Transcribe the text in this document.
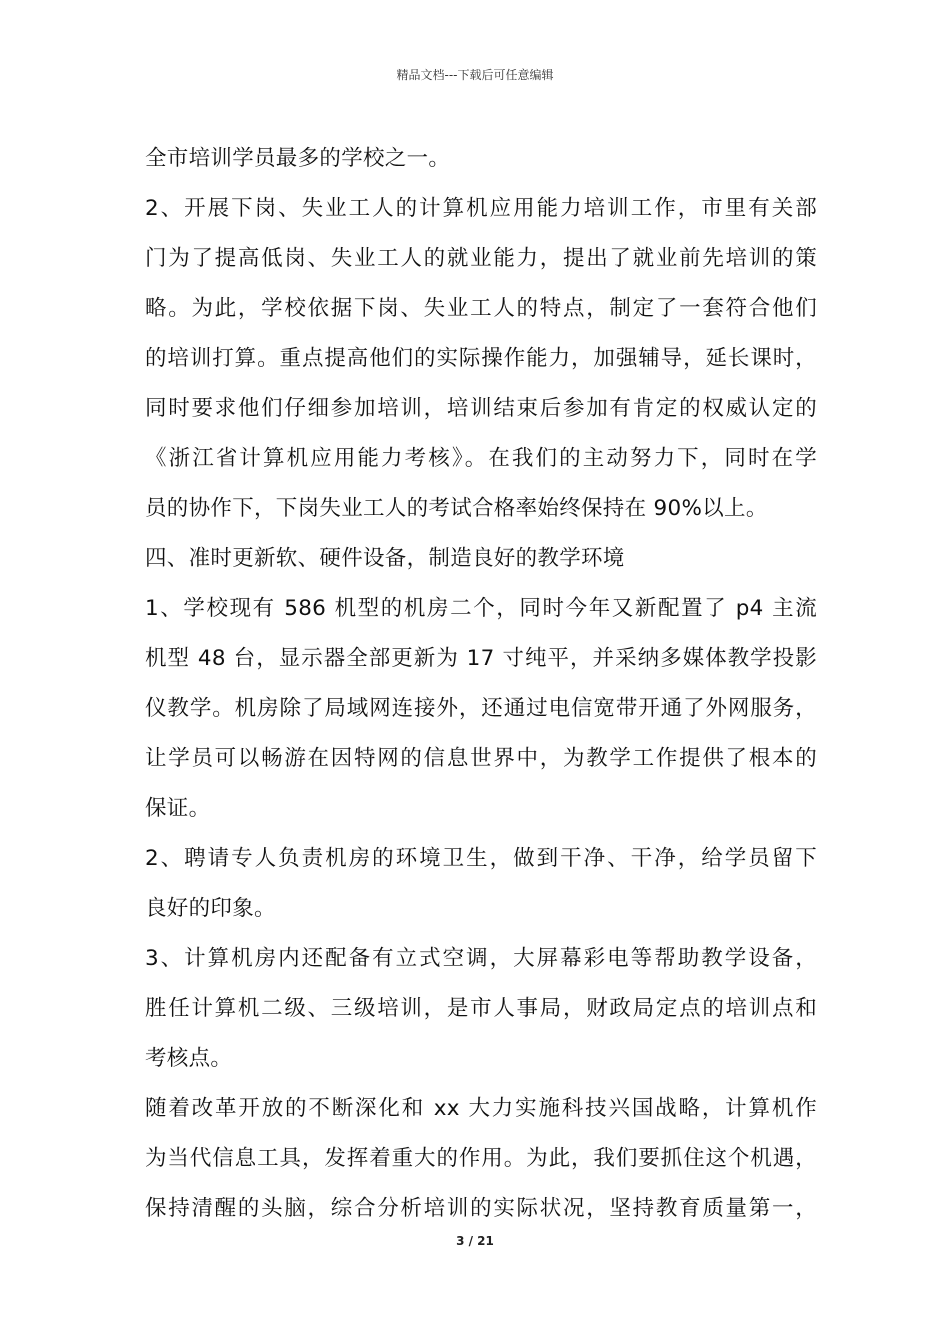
精品文档---下载后可任意编辑
全市培训学员最多的学校之一。
2、开展下岗、失业工人的计算机应用能力培训工作，市里有关部
门为了提高低岗、失业工人的就业能力，提出了就业前先培训的策
略。为此，学校依据下岗、失业工人的特点，制定了一套符合他们
的培训打算。重点提高他们的实际操作能力，加强辅导，延长课时，
同时要求他们仔细参加培训，培训结束后参加有肯定的权威认定的
《浙江省计算机应用能力考核》。在我们的主动努力下，同时在学
员的协作下，下岗失业工人的考试合格率始终保持在 90%以上。
四、准时更新软、硬件设备，制造良好的教学环境
1、学校现有 586 机型的机房二个，同时今年又新配置了 p4 主流
机型 48 台，显示器全部更新为 17 寸纯平，并采纳多媒体教学投影
仪教学。机房除了局域网连接外，还通过电信宽带开通了外网服务，
让学员可以畅游在因特网的信息世界中，为教学工作提供了根本的
保证。
2、聘请专人负责机房的环境卫生，做到干净、干净，给学员留下
良好的印象。
3、计算机房内还配备有立式空调，大屏幕彩电等帮助教学设备，
胜任计算机二级、三级培训，是市人事局，财政局定点的培训点和
考核点。
随着改革开放的不断深化和 xx 大力实施科技兴国战略，计算机作
为当代信息工具，发挥着重大的作用。为此，我们要抓住这个机遇，
保持清醒的头脑，综合分析培训的实际状况，坚持教育质量第一，
3 / 21
